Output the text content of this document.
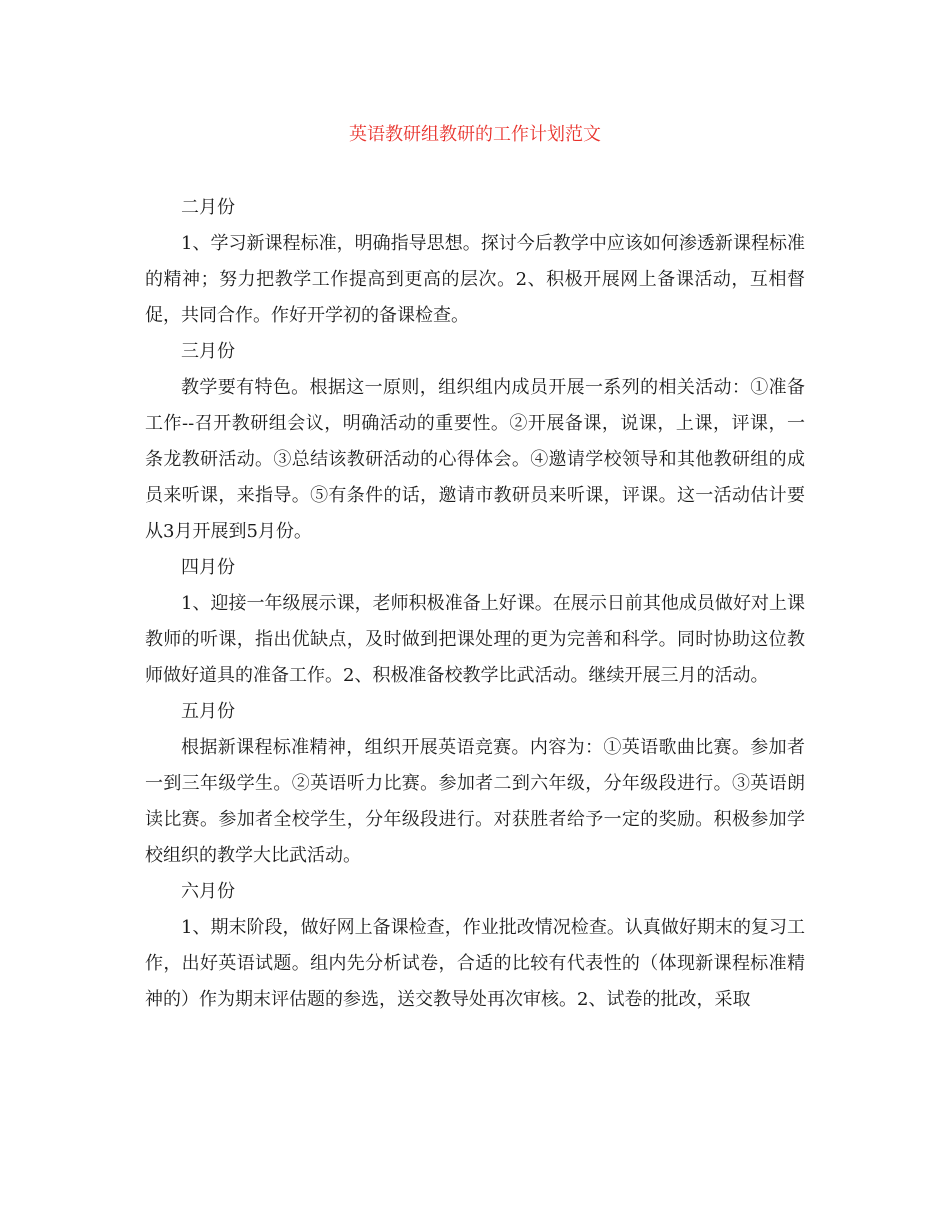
英语教研组教研的工作计划范文

二月份

1、学习新课程标准，明确指导思想。探讨今后教学中应该如何渗透新课程标准的精神；努力把教学工作提高到更高的层次。2、积极开展网上备课活动，互相督促，共同合作。作好开学初的备课检查。

三月份

教学要有特色。根据这一原则，组织组内成员开展一系列的相关活动：①准备工作--召开教研组会议，明确活动的重要性。②开展备课，说课，上课，评课，一条龙教研活动。③总结该教研活动的心得体会。④邀请学校领导和其他教研组的成员来听课，来指导。⑤有条件的话，邀请市教研员来听课，评课。这一活动估计要从3月开展到5月份。

四月份

1、迎接一年级展示课，老师积极准备上好课。在展示日前其他成员做好对上课教师的听课，指出优缺点，及时做到把课处理的更为完善和科学。同时协助这位教师做好道具的准备工作。2、积极准备校教学比武活动。继续开展三月的活动。

五月份

根据新课程标准精神，组织开展英语竞赛。内容为：①英语歌曲比赛。参加者一到三年级学生。②英语听力比赛。参加者二到六年级，分年级段进行。③英语朗读比赛。参加者全校学生，分年级段进行。对获胜者给予一定的奖励。积极参加学校组织的教学大比武活动。

六月份

1、期末阶段，做好网上备课检查，作业批改情况检查。认真做好期末的复习工作，出好英语试题。组内先分析试卷，合适的比较有代表性的（体现新课程标准精神的）作为期末评估题的参选，送交教导处再次审核。2、试卷的批改，采取
